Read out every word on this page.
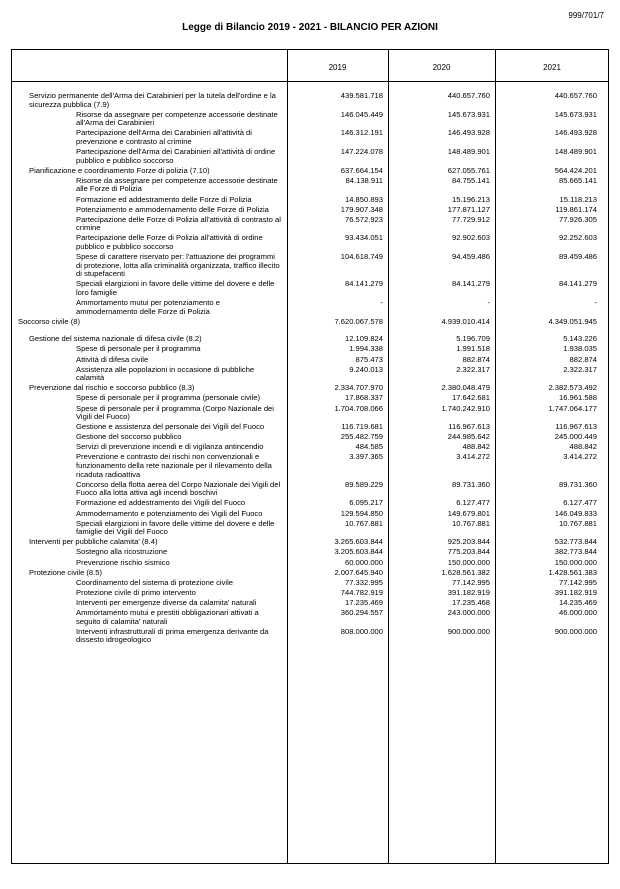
999/701/7
Legge di Bilancio 2019 - 2021 - BILANCIO PER AZIONI
2019	2020	2021
Servizio permanente dell'Arma dei Carabinieri per la tutela dell'ordine e la sicurezza pubblica (7.9)
439.581.718	440.657.760	440.657.760
Risorse da assegnare per competenze accessorie destinate all'Arma dei Carabinieri
146.045.449	145.673.931	145.673.931
Partecipazione dell'Arma dei Carabinieri all'attività di prevenzione e contrasto al crimine
146.312.191	146.493.928	146.493.928
Partecipazione dell'Arma dei Carabinieri all'attività di ordine pubblico e pubblico soccorso
147.224.078	148.489.901	148.489.901
Pianificazione e coordinamento Forze di polizia (7.10)	637.664.154	627.055.761	564.424.201
Risorse da assegnare per competenze accessorie destinate alle Forze di Polizia
84.138.911	84.755.141	85.665.141
Formazione ed addestramento delle Forze di Polizia	14.850.893	15.196.213	15.118.213
Potenziamento e ammodernamento delle Forze di Polizia	179.907.348	177.871.127	119.861.174
Partecipazione delle Forze di Polizia all'attività di contrasto al crimine
76.572.923	77.729.912	77.926.305
Partecipazione delle Forze di Polizia all'attività di ordine pubblico e pubblico soccorso
93.434.051	92.902.603	92.252.603
Spese di carattere riservato per: l'attuazione dei programmi di protezione, lotta alla criminalità organizzata, traffico illecito di stupefacenti
104.618.749	94.459.486	89.459.486
Speciali elargizioni in favore delle vittime del dovere e delle loro famiglie
84.141.279	84.141.279	84.141.279
Ammortamento mutui per potenziamento e ammodernamento delle Forze di Polizia
-	-	-
Soccorso civile (8)	7.620.067.578	4.939.010.414	4.349.051.945
Gestione del sistema nazionale di difesa civile (8.2)	12.109.824	5.196.709	5.143.226
Spese di personale per il programma	1.994.338	1.991.518	1.938.035
Attività di difesa civile	875.473	882.874	882.874
Assistenza alle popolazioni in occasione di pubbliche calamità
9.240.013	2.322.317	2.322.317
Prevenzione dal rischio e soccorso pubblico (8.3)	2.334.707.970	2.380.048.479	2.382.573.492
Spese di personale per il programma (personale civile)	17.868.337	17.642.681	16.961.588
Spese di personale per il programma (Corpo Nazionale dei Vigili del Fuoco)
1.704.708.066	1.740.242.910	1.747.064.177
Gestione e assistenza del personale dei Vigili del Fuoco	116.719.681	116.967.613	116.967.613
Gestione del soccorso pubblico	255.482.759	244.985.642	245.000.449
Servizi di prevenzione incendi e di vigilanza antincendio	484.585	488.842	488.842
Prevenzione e contrasto dei rischi non convenzionali e funzionamento della rete nazionale per il rilevamento della ricaduta radioattiva
3.397.365	3.414.272	3.414.272
Concorso della flotta aerea del Corpo Nazionale dei Vigili del Fuoco alla lotta attiva agli incendi boschivi
89.589.229	89.731.360	89.731.360
Formazione ed addestramento dei Vigili del Fuoco	6.095.217	6.127.477	6.127.477
Ammodernamento e potenziamento dei Vigili del Fuoco	129.594.850	149.679.801	146.049.833
Speciali elargizioni in favore delle vittime del dovere e delle famiglie dei Vigili del Fuoco
10.767.881	10.767.881	10.767.881
Interventi per pubbliche calamita' (8.4)	3.265.603.844	925.203.844	532.773.844
Sostegno alla ricostruzione	3.205.603.844	775.203.844	382.773.844
Prevenzione rischio sismico	60.000.000	150.000.000	150.000.000
Protezione civile (8.5)	2.007.645.940	1.628.561.382	1.428.561.383
Coordinamento del sistema di protezione civile	77.332.995	77.142.995	77.142.995
Protezione civile di primo intervento	744.782.919	391.182.919	391.182.919
Interventi per emergenze diverse da calamita' naturali	17.235.469	17.235.468	14.235.469
Ammortamento mutui e prestiti obbligazionari attivati a seguito di calamita' naturali
360.294.557	243.000.000	46.000.000
Interventi infrastrutturali di prima emergenza derivante da dissesto idrogeologico
808.000.000	900.000.000	900.000.000
